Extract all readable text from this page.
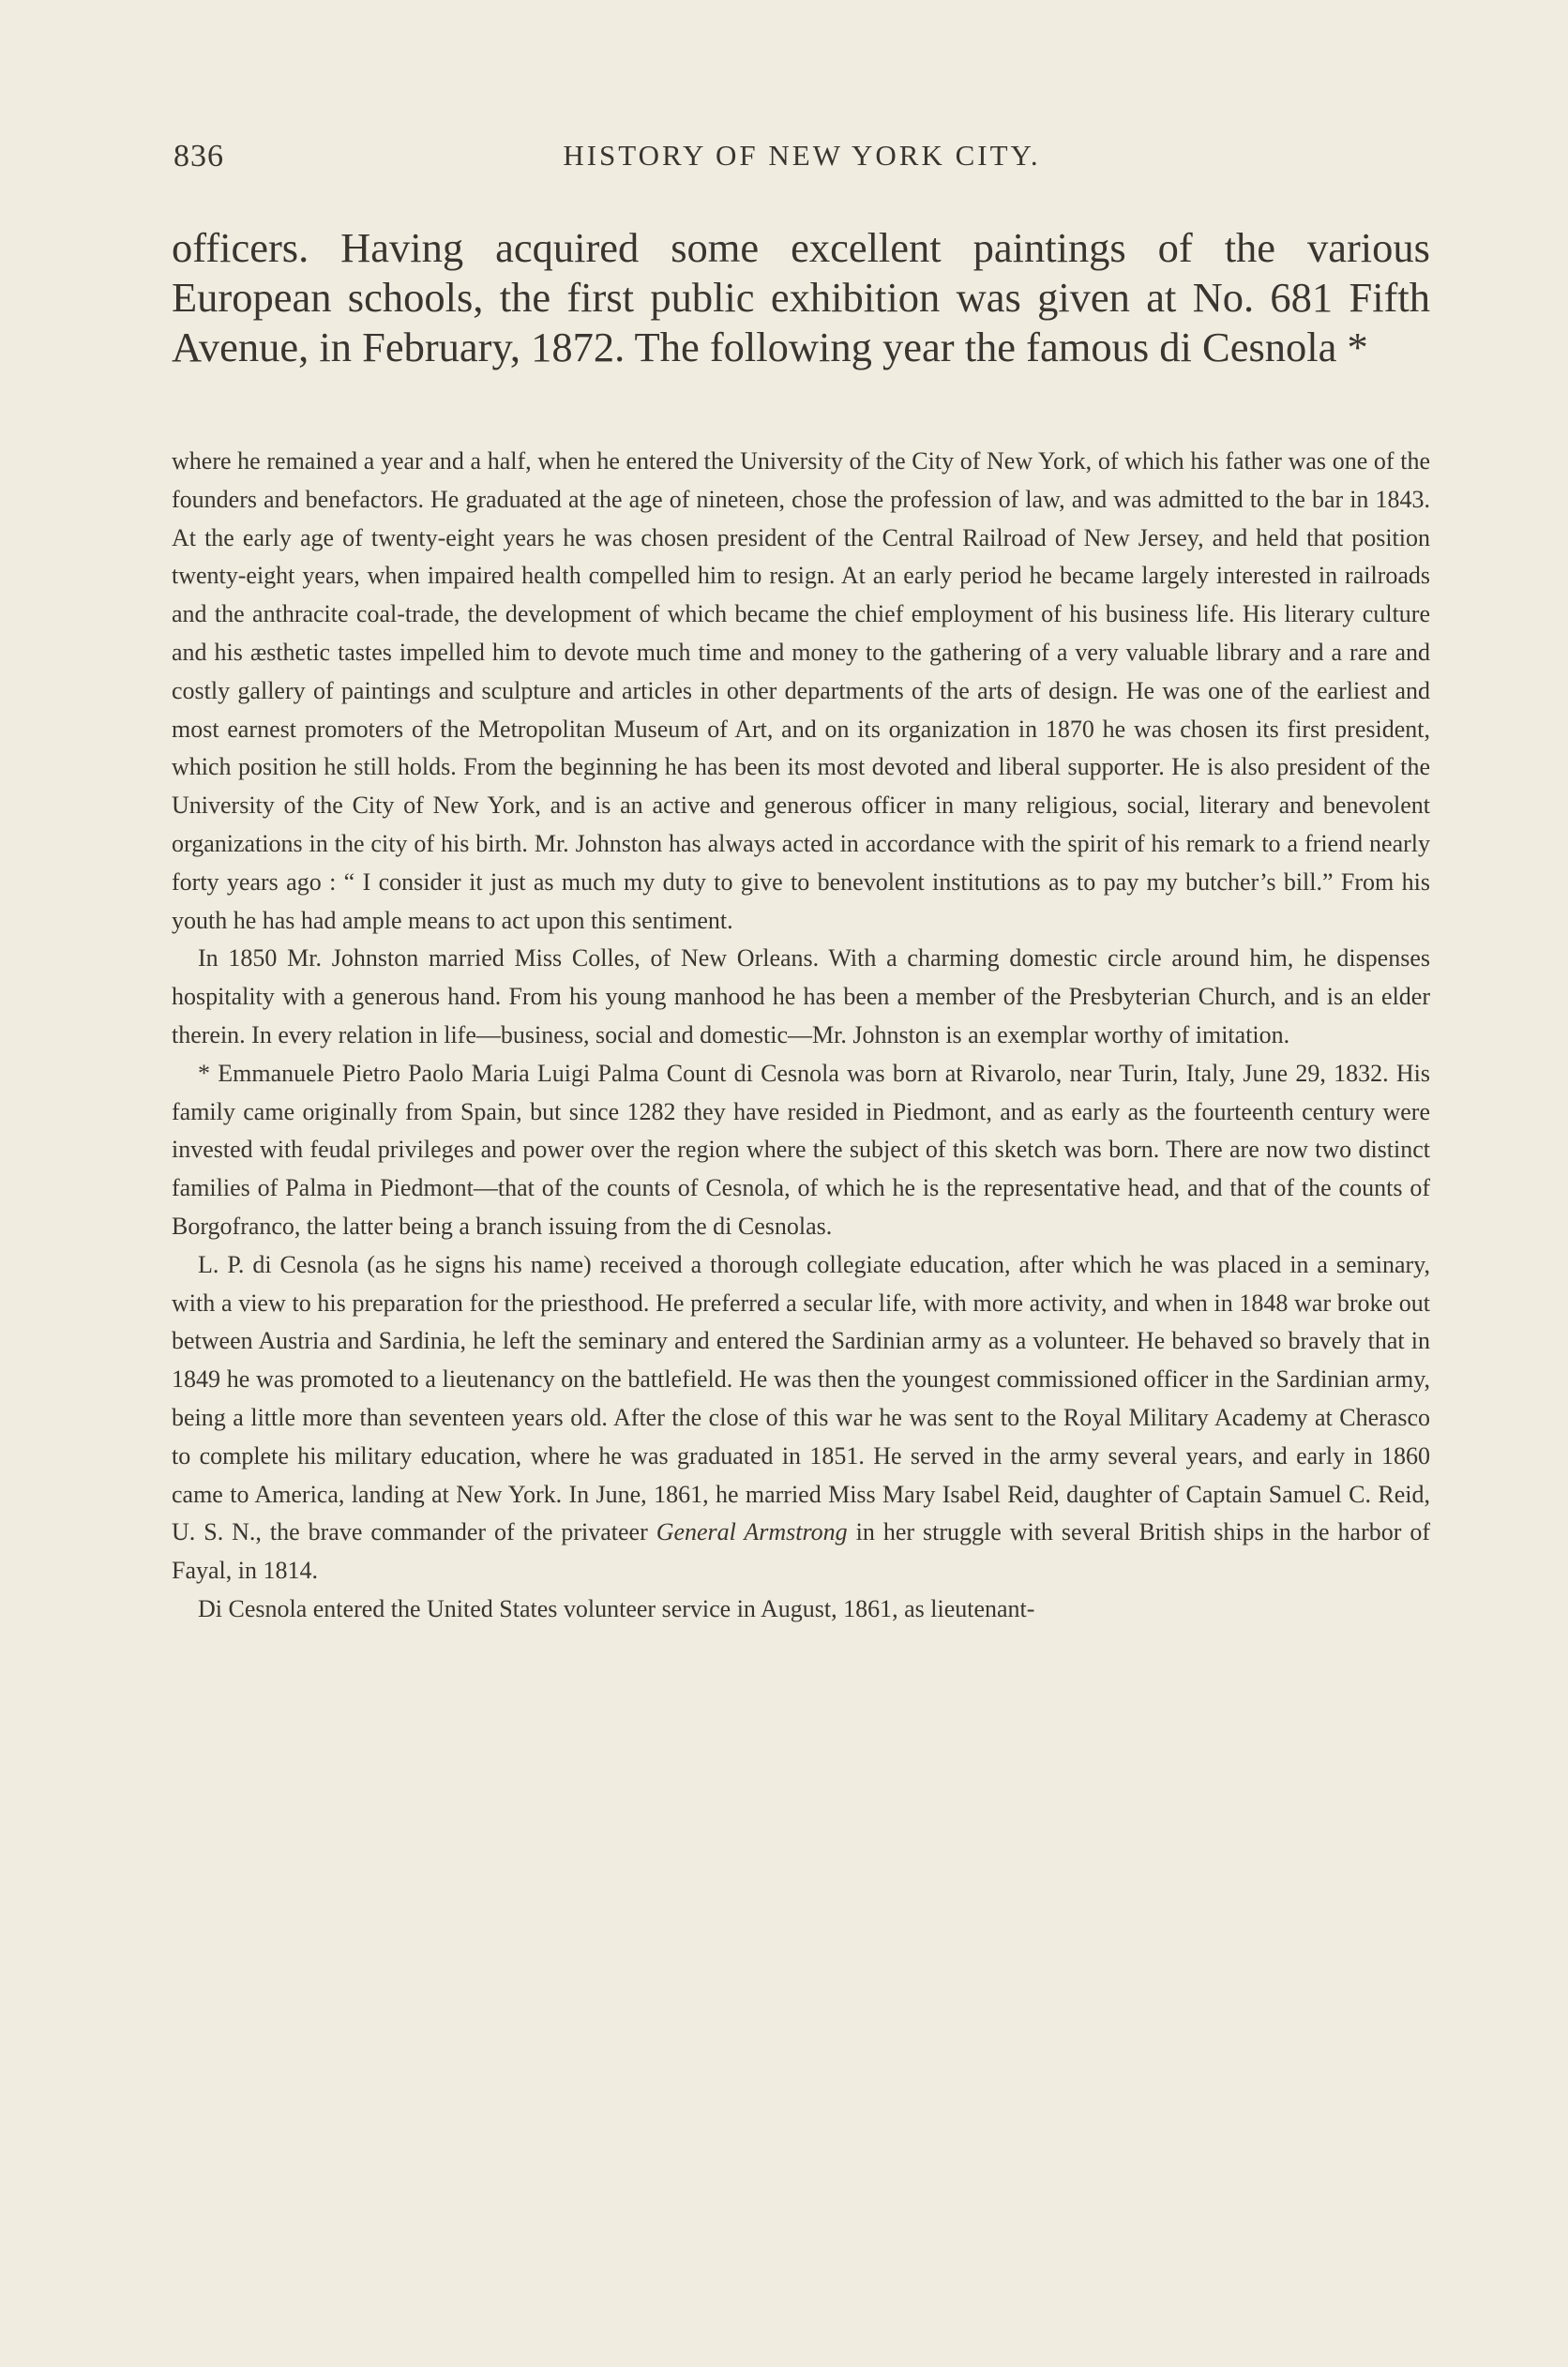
836	HISTORY OF NEW YORK CITY.
officers. Having acquired some excellent paintings of the various
European schools, the first public exhibition was given at No. 681 Fifth
Avenue, in February, 1872. The following year the famous di Cesnola *

where he remained a year and a half, when he entered the University of the City of New York, of which his father was one of the founders and benefactors. He graduated at the age of nineteen, chose the profession of law, and was admitted to the bar in 1843. At the early age of twenty-eight years he was chosen president of the Central Railroad of New Jersey, and held that position twenty-eight years, when impaired health compelled him to resign. At an early period he became largely interested in railroads and the anthracite coal-trade, the development of which became the chief employment of his business life. His literary culture and his æsthetic tastes impelled him to devote much time and money to the gathering of a very valuable library and a rare and costly gallery of paintings and sculpture and articles in other departments of the arts of design. He was one of the earliest and most earnest promoters of the Metropolitan Museum of Art, and on its organization in 1870 he was chosen its first president, which position he still holds. From the beginning he has been its most devoted and liberal supporter. He is also president of the University of the City of New York, and is an active and generous officer in many religious, social, literary and benevolent organizations in the city of his birth. Mr. Johnston has always acted in accordance with the spirit of his remark to a friend nearly forty years ago : “ I consider it just as much my duty to give to benevolent institutions as to pay my butcher’s bill.” From his youth he has had ample means to act upon this sentiment.

In 1850 Mr. Johnston married Miss Colles, of New Orleans. With a charming domestic circle around him, he dispenses hospitality with a generous hand. From his young manhood he has been a member of the Presbyterian Church, and is an elder therein. In every relation in life—business, social and domestic—Mr. Johnston is an exemplar worthy of imitation.

* Emmanuele Pietro Paolo Maria Luigi Palma Count di Cesnola was born at Rivarolo, near Turin, Italy, June 29, 1832. His family came originally from Spain, but since 1282 they have resided in Piedmont, and as early as the fourteenth century were invested with feudal privileges and power over the region where the subject of this sketch was born. There are now two distinct families of Palma in Piedmont—that of the counts of Cesnola, of which he is the representative head, and that of the counts of Borgofranco, the latter being a branch issuing from the di Cesnolas.

L. P. di Cesnola (as he signs his name) received a thorough collegiate education, after which he was placed in a seminary, with a view to his preparation for the priesthood. He preferred a secular life, with more activity, and when in 1848 war broke out between Austria and Sardinia, he left the seminary and entered the Sardinian army as a volunteer. He behaved so bravely that in 1849 he was promoted to a lieutenancy on the battlefield. He was then the youngest commissioned officer in the Sardinian army, being a little more than seventeen years old. After the close of this war he was sent to the Royal Military Academy at Cherasco to complete his military education, where he was graduated in 1851. He served in the army several years, and early in 1860 came to America, landing at New York. In June, 1861, he married Miss Mary Isabel Reid, daughter of Captain Samuel C. Reid, U. S. N., the brave commander of the privateer General Armstrong in her struggle with several British ships in the harbor of Fayal, in 1814.

Di Cesnola entered the United States volunteer service in August, 1861, as lieutenant-
